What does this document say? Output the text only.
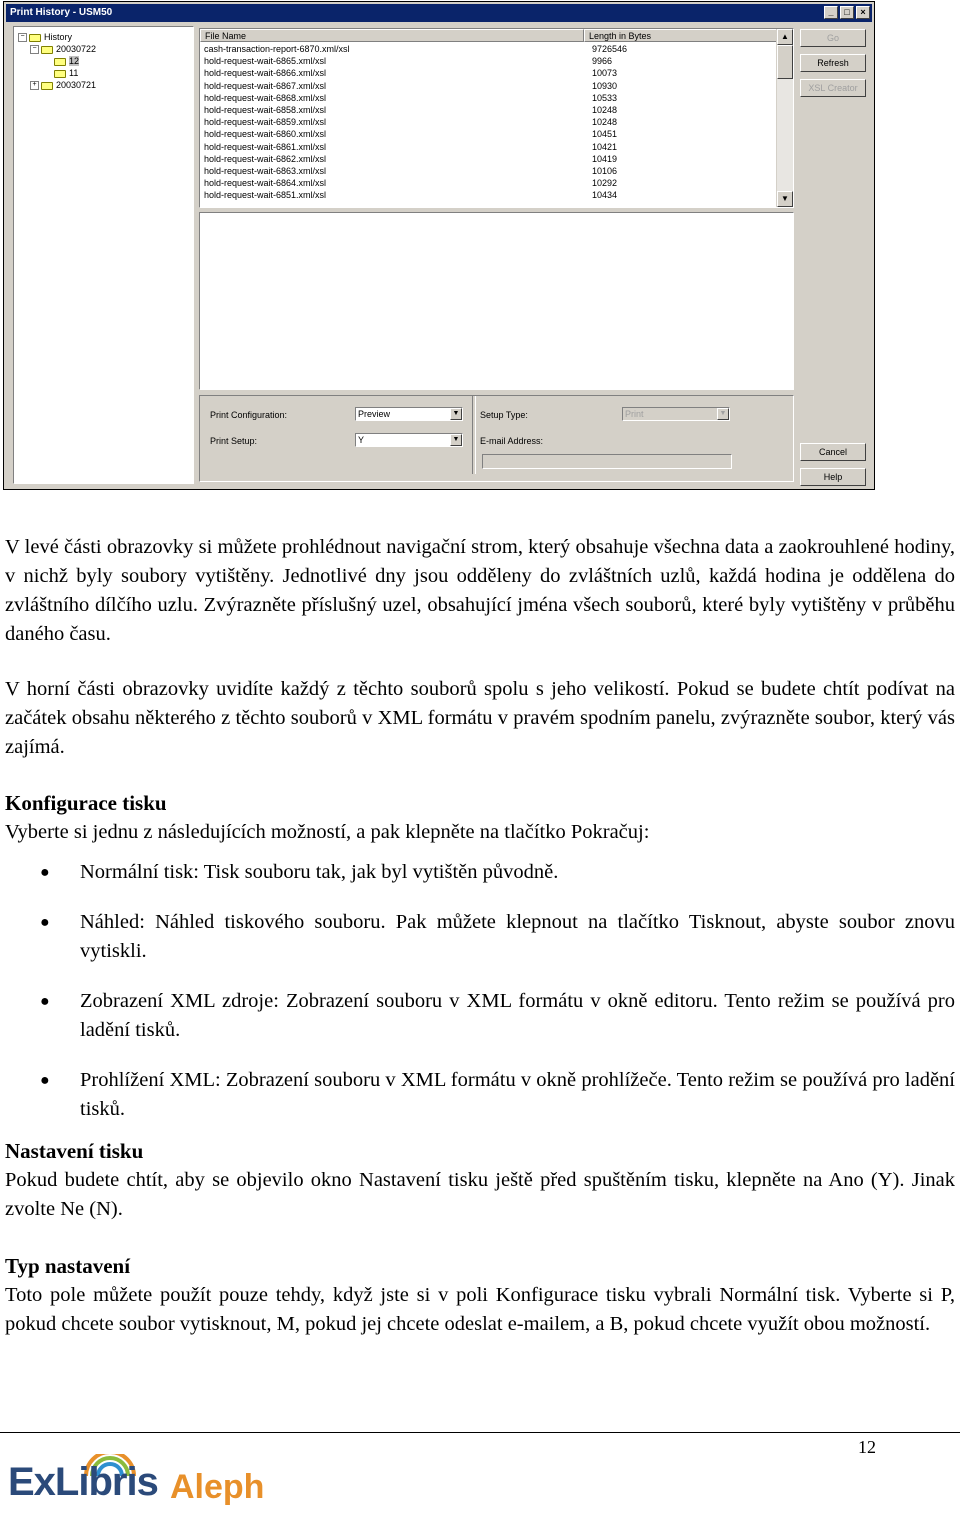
Print History - USM50	_	□	×
− History
− 20030722
12
11
+ 20030721
File Name	Length in Bytes
cash-transaction-report-6870.xml/xsl	9726546
hold-request-wait-6865.xml/xsl	9966
hold-request-wait-6866.xml/xsl	10073
hold-request-wait-6867.xml/xsl	10930
hold-request-wait-6868.xml/xsl	10533
hold-request-wait-6858.xml/xsl	10248
hold-request-wait-6859.xml/xsl	10248
hold-request-wait-6860.xml/xsl	10451
hold-request-wait-6861.xml/xsl	10421
hold-request-wait-6862.xml/xsl	10419
hold-request-wait-6863.xml/xsl	10106
hold-request-wait-6864.xml/xsl	10292
hold-request-wait-6851.xml/xsl	10434
▲
▼
Print Configuration:	Preview	▼
Print Setup:	Y	▼
Setup Type:	Print	▼
E-mail Address:
Go
Refresh
XSL Creator
Cancel
Help

V levé části obrazovky si můžete prohlédnout navigační strom, který obsahuje všechna data a zaokrouhlené hodiny, v nichž byly soubory vytištěny. Jednotlivé dny jsou odděleny do zvláštních uzlů, každá hodina je oddělena do zvláštního dílčího uzlu. Zvýrazněte příslušný uzel, obsahující jména všech souborů, které byly vytištěny v průběhu daného času.

V horní části obrazovky uvidíte každý z těchto souborů spolu s jeho velikostí. Pokud se budete chtít podívat na začátek obsahu některého z těchto souborů v XML formátu v pravém spodním panelu, zvýrazněte soubor, který vás zajímá.

Konfigurace tisku

Vyberte si jednu z následujících možností, a pak klepněte na tlačítko Pokračuj:

●	Normální tisk: Tisk souboru tak, jak byl vytištěn původně.

●	Náhled: Náhled tiskového souboru. Pak můžete klepnout na tlačítko Tisknout, abyste soubor znovu vytiskli.

●	Zobrazení XML zdroje: Zobrazení souboru v XML formátu v okně editoru. Tento režim se používá pro ladění tisků.

●	Prohlížení XML: Zobrazení souboru v XML formátu v okně prohlížeče. Tento režim se používá pro ladění tisků.

Nastavení tisku

Pokud budete chtít, aby se objevilo okno Nastavení tisku ještě před spuštěním tisku, klepněte na Ano (Y). Jinak zvolte Ne (N).

Typ nastavení

Toto pole můžete použít pouze tehdy, když jste si v poli Konfigurace tisku vybrali Normální tisk. Vyberte si P, pokud chcete soubor vytisknout, M, pokud jej chcete odeslat e-mailem, a B, pokud chcete využít obou možností.

12
ExLibris Aleph
